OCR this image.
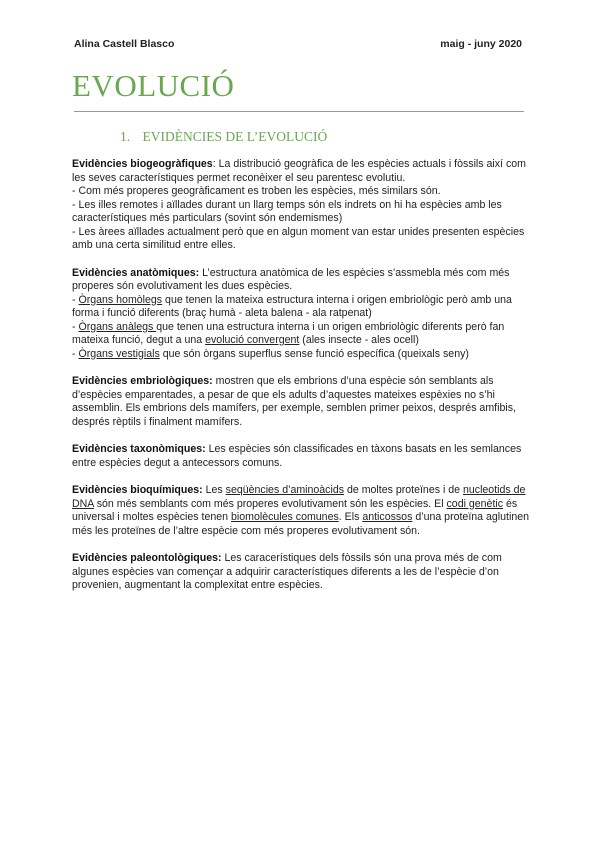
Alina Castell Blasco	maig - juny 2020
EVOLUCIÓ
1. EVIDÈNCIES DE L’EVOLUCIÓ
Evidències biogeogràfiques: La distribució geogràfica de les espècies actuals i fòssils així com les seves característiques permet reconèixer el seu parentesc evolutiu.
- Com més properes geogràficament es troben les espècies, més similars són.
- Les illes remotes i aïllades durant un llarg temps són els indrets on hi ha espècies amb les característiques més particulars (sovint són endemismes)
- Les àrees aïllades actualment però que en algun moment van estar unides presenten espècies amb una certa similitud entre elles.
Evidències anatòmiques: L’estructura anatòmica de les espècies s’assmebla més com més properes són evolutivament les dues espècies.
- Òrgans homòlegs que tenen la mateixa estructura interna i origen embriològic però amb una forma i funció diferents (braç humà - aleta balena - ala ratpenat)
- Òrgans anàlegs que tenen una estructura interna i un origen embriològic diferents però fan mateixa funció, degut a una evolució convergent (ales insecte - ales ocell)
- Òrgans vestigials que són òrgans superflus sense funció específica (queixals seny)
Evidències embriològiques: mostren que els embrions d’una espècie són semblants als d’espècies emparentades, a pesar de que els adults d’aquestes mateixes espèxies no s’hi assemblin. Els embrions dels mamífers, per exemple, semblen primer peixos, després amfibis, després rèptils i finalment mamífers.
Evidències taxonòmiques: Les espècies són classificades en tàxons basats en les semlances entre espècies degut a antecessors comuns.
Evidències bioquímiques: Les seqüències d’aminoàcids de moltes proteïnes i de nucleotids de DNA són més semblants com més properes evolutivament són les espècies. El codi genètic és universal i moltes espècies tenen biomolècules comunes. Els anticossos d’una proteïna aglutinen més les proteïnes de l’altre espècie com més properes evolutivament són.
Evidències paleontològiques: Les caracerístiques dels fòssils són una prova més de com algunes espècies van començar a adquirir característiques diferents a les de l’espècie d’on provenien, augmentant la complexitat entre espècies.
